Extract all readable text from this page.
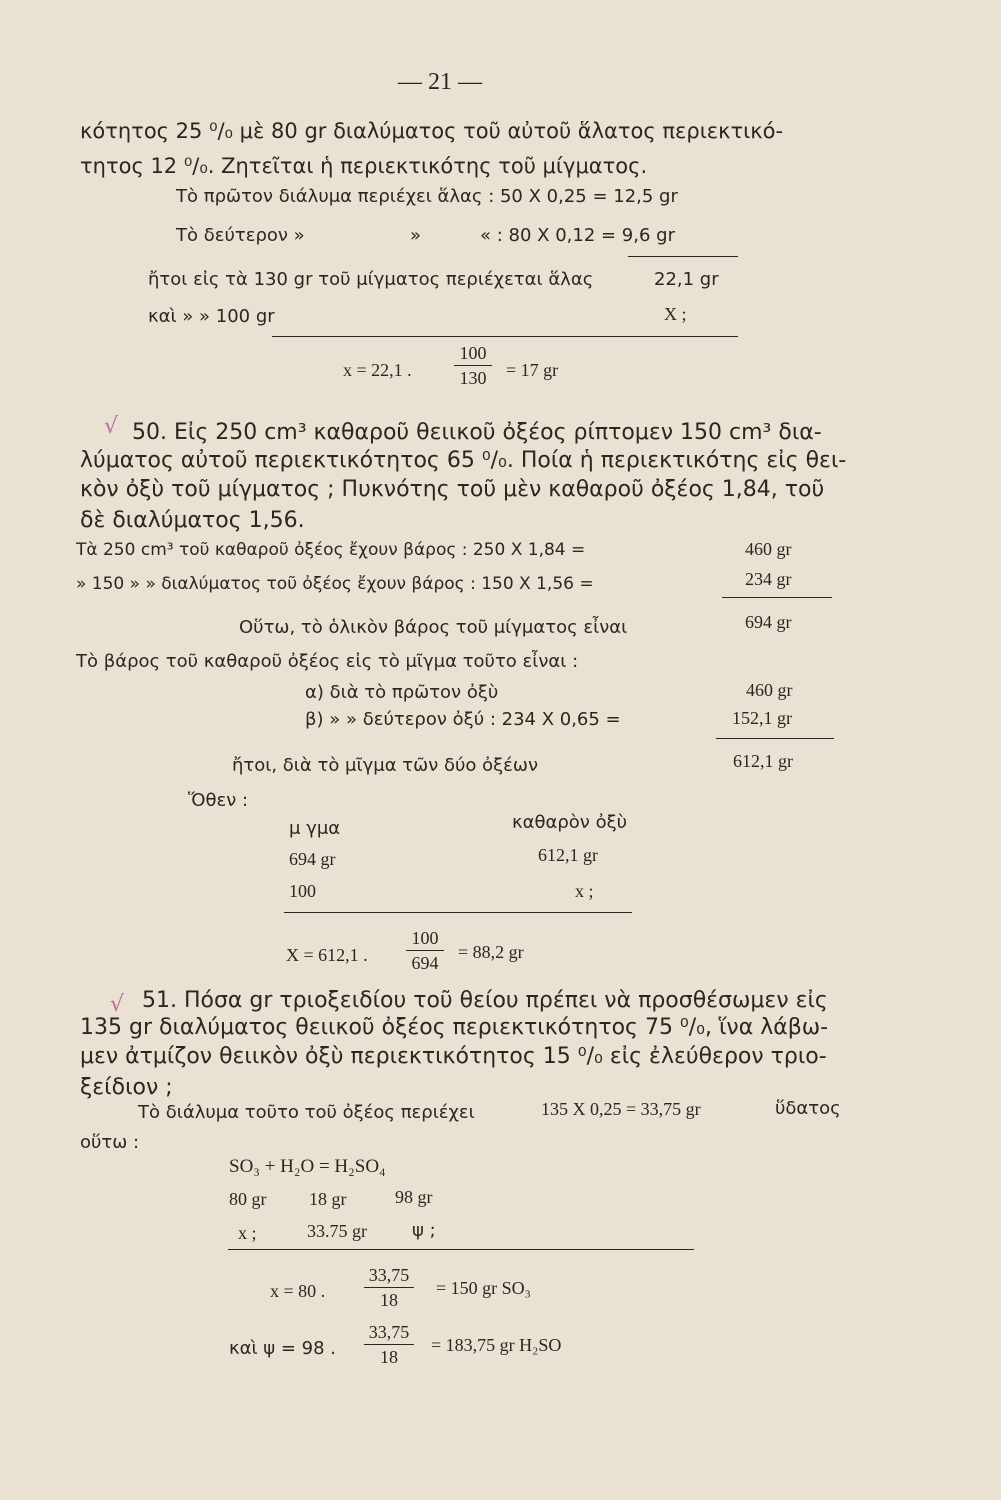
— 21 —
κότητος 25 ⁰/₀ μὲ 80 gr διαλύματος τοῦ αὐτοῦ ἅλατος περιεκτικό-
τητος 12 ⁰/₀. Ζητεῖται ἡ περιεκτικότης τοῦ μίγματος.
Τὸ πρῶτον διάλυμα περιέχει ἅλας : 50 X 0,25 = 12,5 gr
Τὸ δεύτερον »	»	« : 80 X 0,12 = 9,6 gr
ἤτοι εἰς τὰ 130 gr τοῦ μίγματος περιέχεται ἅλας	22,1 gr
καὶ » » 100 gr	X ;
x = 22,1 . $\frac{100}{130} = 17$ gr
√ 50. Εἰς 250 cm³ καθαροῦ θειικοῦ ὀξέος ρίπτομεν 150 cm³ δια-
λύματος αὐτοῦ περιεκτικότητος 65 ⁰/₀. Ποία ἡ περιεκτικότης εἰς θει-
κὸν ὀξὺ τοῦ μίγματος ; Πυκνότης τοῦ μὲν καθαροῦ ὀξέος 1,84, τοῦ
δὲ διαλύματος 1,56.
Τὰ 250 cm³ τοῦ καθαροῦ ὀξέος ἔχουν βάρος : 250 X 1,84 =	460 gr
» 150 » » διαλύματος τοῦ ὀξέος ἔχουν βάρος : 150 X 1,56 =	234 gr
Οὕτω, τὸ ὁλικὸν βάρος τοῦ μίγματος εἶναι	694 gr
Τὸ βάρος τοῦ καθαροῦ ὀξέος εἰς τὸ μῖγμα τοῦτο εἶναι :
α) διὰ τὸ πρῶτον ὀξὺ	460 gr
β) » » δεύτερον ὀξύ : 234 X 0,65 =	152,1 gr
ἤτοι, διὰ τὸ μῖγμα τῶν δύο ὀξέων	612,1 gr
Ὅθεν :
μ γμα	καθαρὸν ὀξὺ
694 gr	612,1 gr
100	x ;
X = 612,1 . $\frac{100}{694} = 88,2$ gr
√ 51. Πόσα gr τριοξειδίου τοῦ θείου πρέπει νὰ προσθέσωμεν εἰς
135 gr διαλύματος θειικοῦ ὀξέος περιεκτικότητος 75 ⁰/₀, ἵνα λάβω-
μεν ἀτμίζον θειικὸν ὀξὺ περιεκτικότητος 15 ⁰/₀ εἰς ἐλεύθερον τριο-
ξείδιον ;
Τὸ διάλυμα τοῦτο τοῦ ὀξέος περιέχει	135 X 0,25 = 33,75 gr	ὕδατος
οὕτω :
SO₃ + H₂O = H₂SO₄
80 gr 18 gr	98 gr
x ;	33.75 gr	ψ ;
x = 80 . $\frac{33,75}{18} = 150$ gr SO₃
καὶ ψ = 98 . $\frac{33,75}{18} = 183,75$ gr H₂SO
